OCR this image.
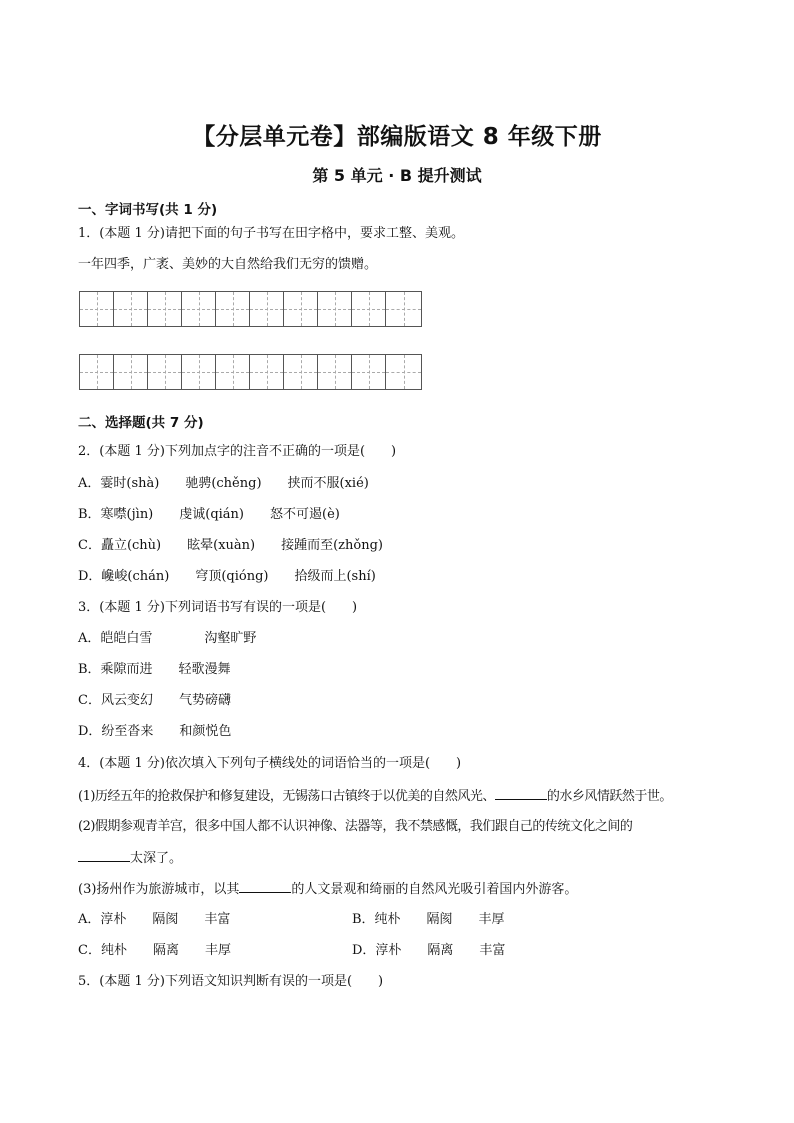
【分层单元卷】部编版语文 8 年级下册
第 5 单元 · B 提升测试
一、字词书写(共 1 分)
1．(本题 1 分)请把下面的句子书写在田字格中，要求工整、美观。
一年四季，广袤、美妙的大自然给我们无穷的馈赠。
二、选择题(共 7 分)
2．(本题 1 分)下列加点字的注音不正确的一项是(　　)
A．霎时(shà)　　驰骋(chěng)　　挟而不服(xié)
B．寒噤(jìn)　　虔诚(qián)　　怒不可遏(è)
C．矗立(chù)　　眩晕(xuàn)　　接踵而至(zhǒng)
D．巉峻(chán)　　穹顶(qióng)　　拾级而上(shí)
3．(本题 1 分)下列词语书写有误的一项是(　　)
A．皑皑白雪　　　　沟壑旷野
B．乘隙而进　　轻歌漫舞
C．风云变幻　　气势磅礴
D．纷至沓来　　和颜悦色
4．(本题 1 分)依次填入下列句子横线处的词语恰当的一项是(　　)
(1)历经五年的抢救保护和修复建设，无锡荡口古镇终于以优美的自然风光、	的水乡风情跃然于世。
(2)假期参观青羊宫，很多中国人都不认识神像、法器等，我不禁感慨，我们跟自己的传统文化之间的
太深了。
(3)扬州作为旅游城市，以其	的人文景观和绮丽的自然风光吸引着国内外游客。
A．淳朴　　隔阂　　丰富	B．纯朴　　隔阂　　丰厚
C．纯朴　　隔离　　丰厚	D．淳朴　　隔离　　丰富
5．(本题 1 分)下列语文知识判断有误的一项是(　　)
